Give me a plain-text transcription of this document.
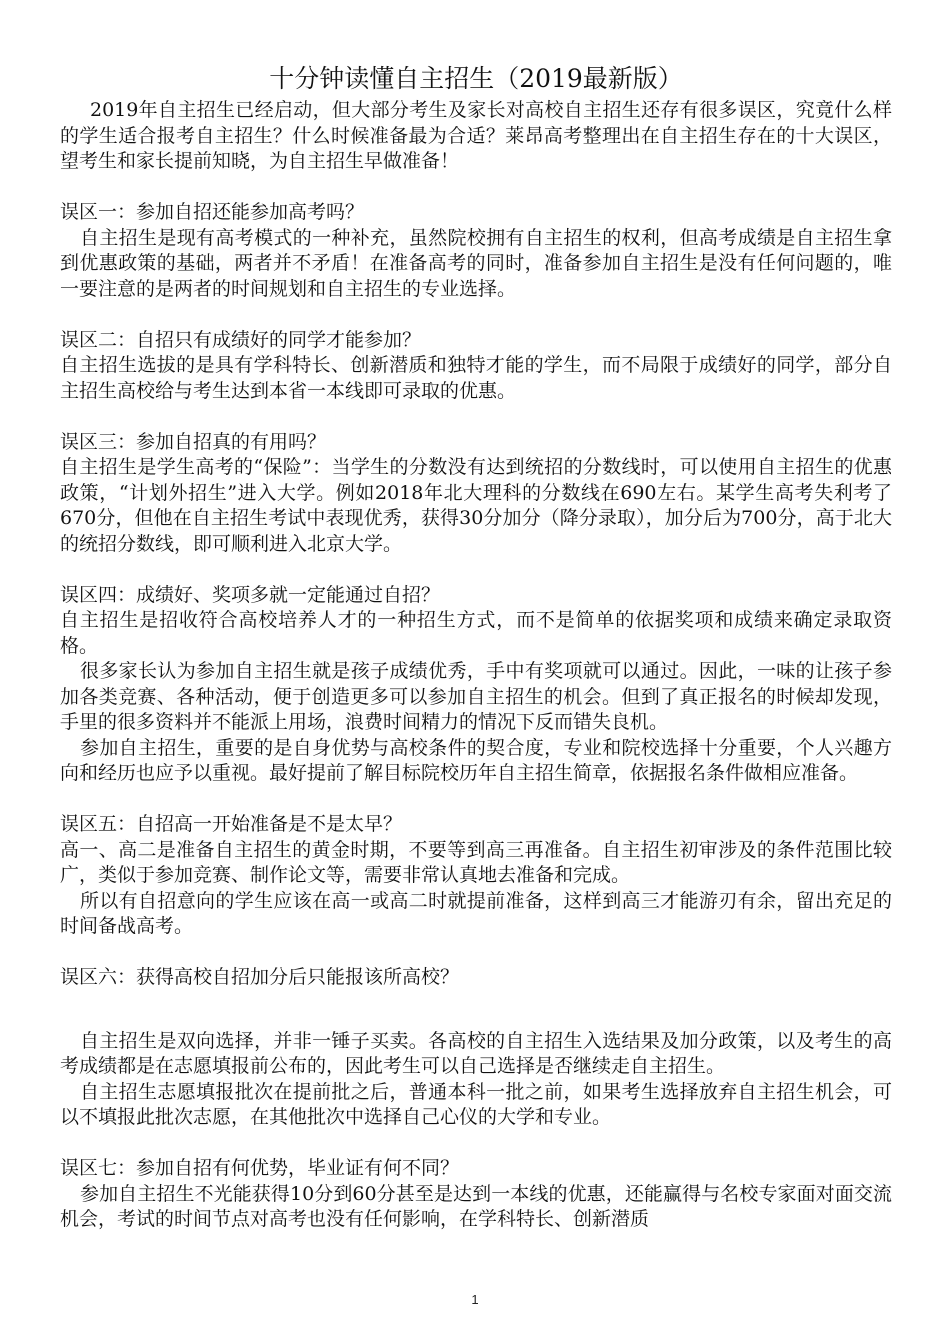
十分钟读懂自主招生（2019最新版）

2019年自主招生已经启动，但大部分考生及家长对高校自主招生还存有很多误区，究竟什么样的学生适合报考自主招生？什么时候准备最为合适？莱昂高考整理出在自主招生存在的十大误区，望考生和家长提前知晓，为自主招生早做准备！

误区一：参加自招还能参加高考吗？

自主招生是现有高考模式的一种补充，虽然院校拥有自主招生的权利，但高考成绩是自主招生拿到优惠政策的基础，两者并不矛盾！在准备高考的同时，准备参加自主招生是没有任何问题的，唯一要注意的是两者的时间规划和自主招生的专业选择。

误区二：自招只有成绩好的同学才能参加？

自主招生选拔的是具有学科特长、创新潜质和独特才能的学生，而不局限于成绩好的同学，部分自主招生高校给与考生达到本省一本线即可录取的优惠。

误区三：参加自招真的有用吗？

自主招生是学生高考的“保险”：当学生的分数没有达到统招的分数线时，可以使用自主招生的优惠政策，“计划外招生”进入大学。例如2018年北大理科的分数线在690左右。某学生高考失利考了670分，但他在自主招生考试中表现优秀，获得30分加分（降分录取），加分后为700分，高于北大的统招分数线，即可顺利进入北京大学。

误区四：成绩好、奖项多就一定能通过自招？

自主招生是招收符合高校培养人才的一种招生方式，而不是简单的依据奖项和成绩来确定录取资格。

很多家长认为参加自主招生就是孩子成绩优秀，手中有奖项就可以通过。因此，一味的让孩子参加各类竞赛、各种活动，便于创造更多可以参加自主招生的机会。但到了真正报名的时候却发现，手里的很多资料并不能派上用场，浪费时间精力的情况下反而错失良机。

参加自主招生，重要的是自身优势与高校条件的契合度，专业和院校选择十分重要，个人兴趣方向和经历也应予以重视。最好提前了解目标院校历年自主招生简章，依据报名条件做相应准备。

误区五：自招高一开始准备是不是太早？

高一、高二是准备自主招生的黄金时期，不要等到高三再准备。自主招生初审涉及的条件范围比较广，类似于参加竞赛、制作论文等，需要非常认真地去准备和完成。

所以有自招意向的学生应该在高一或高二时就提前准备，这样到高三才能游刃有余，留出充足的时间备战高考。

误区六：获得高校自招加分后只能报该所高校？

自主招生是双向选择，并非一锤子买卖。各高校的自主招生入选结果及加分政策，以及考生的高考成绩都是在志愿填报前公布的，因此考生可以自己选择是否继续走自主招生。

自主招生志愿填报批次在提前批之后，普通本科一批之前，如果考生选择放弃自主招生机会，可以不填报此批次志愿，在其他批次中选择自己心仪的大学和专业。

误区七：参加自招有何优势，毕业证有何不同？

参加自主招生不光能获得10分到60分甚至是达到一本线的优惠，还能赢得与名校专家面对面交流机会，考试的时间节点对高考也没有任何影响，在学科特长、创新潜质

1
